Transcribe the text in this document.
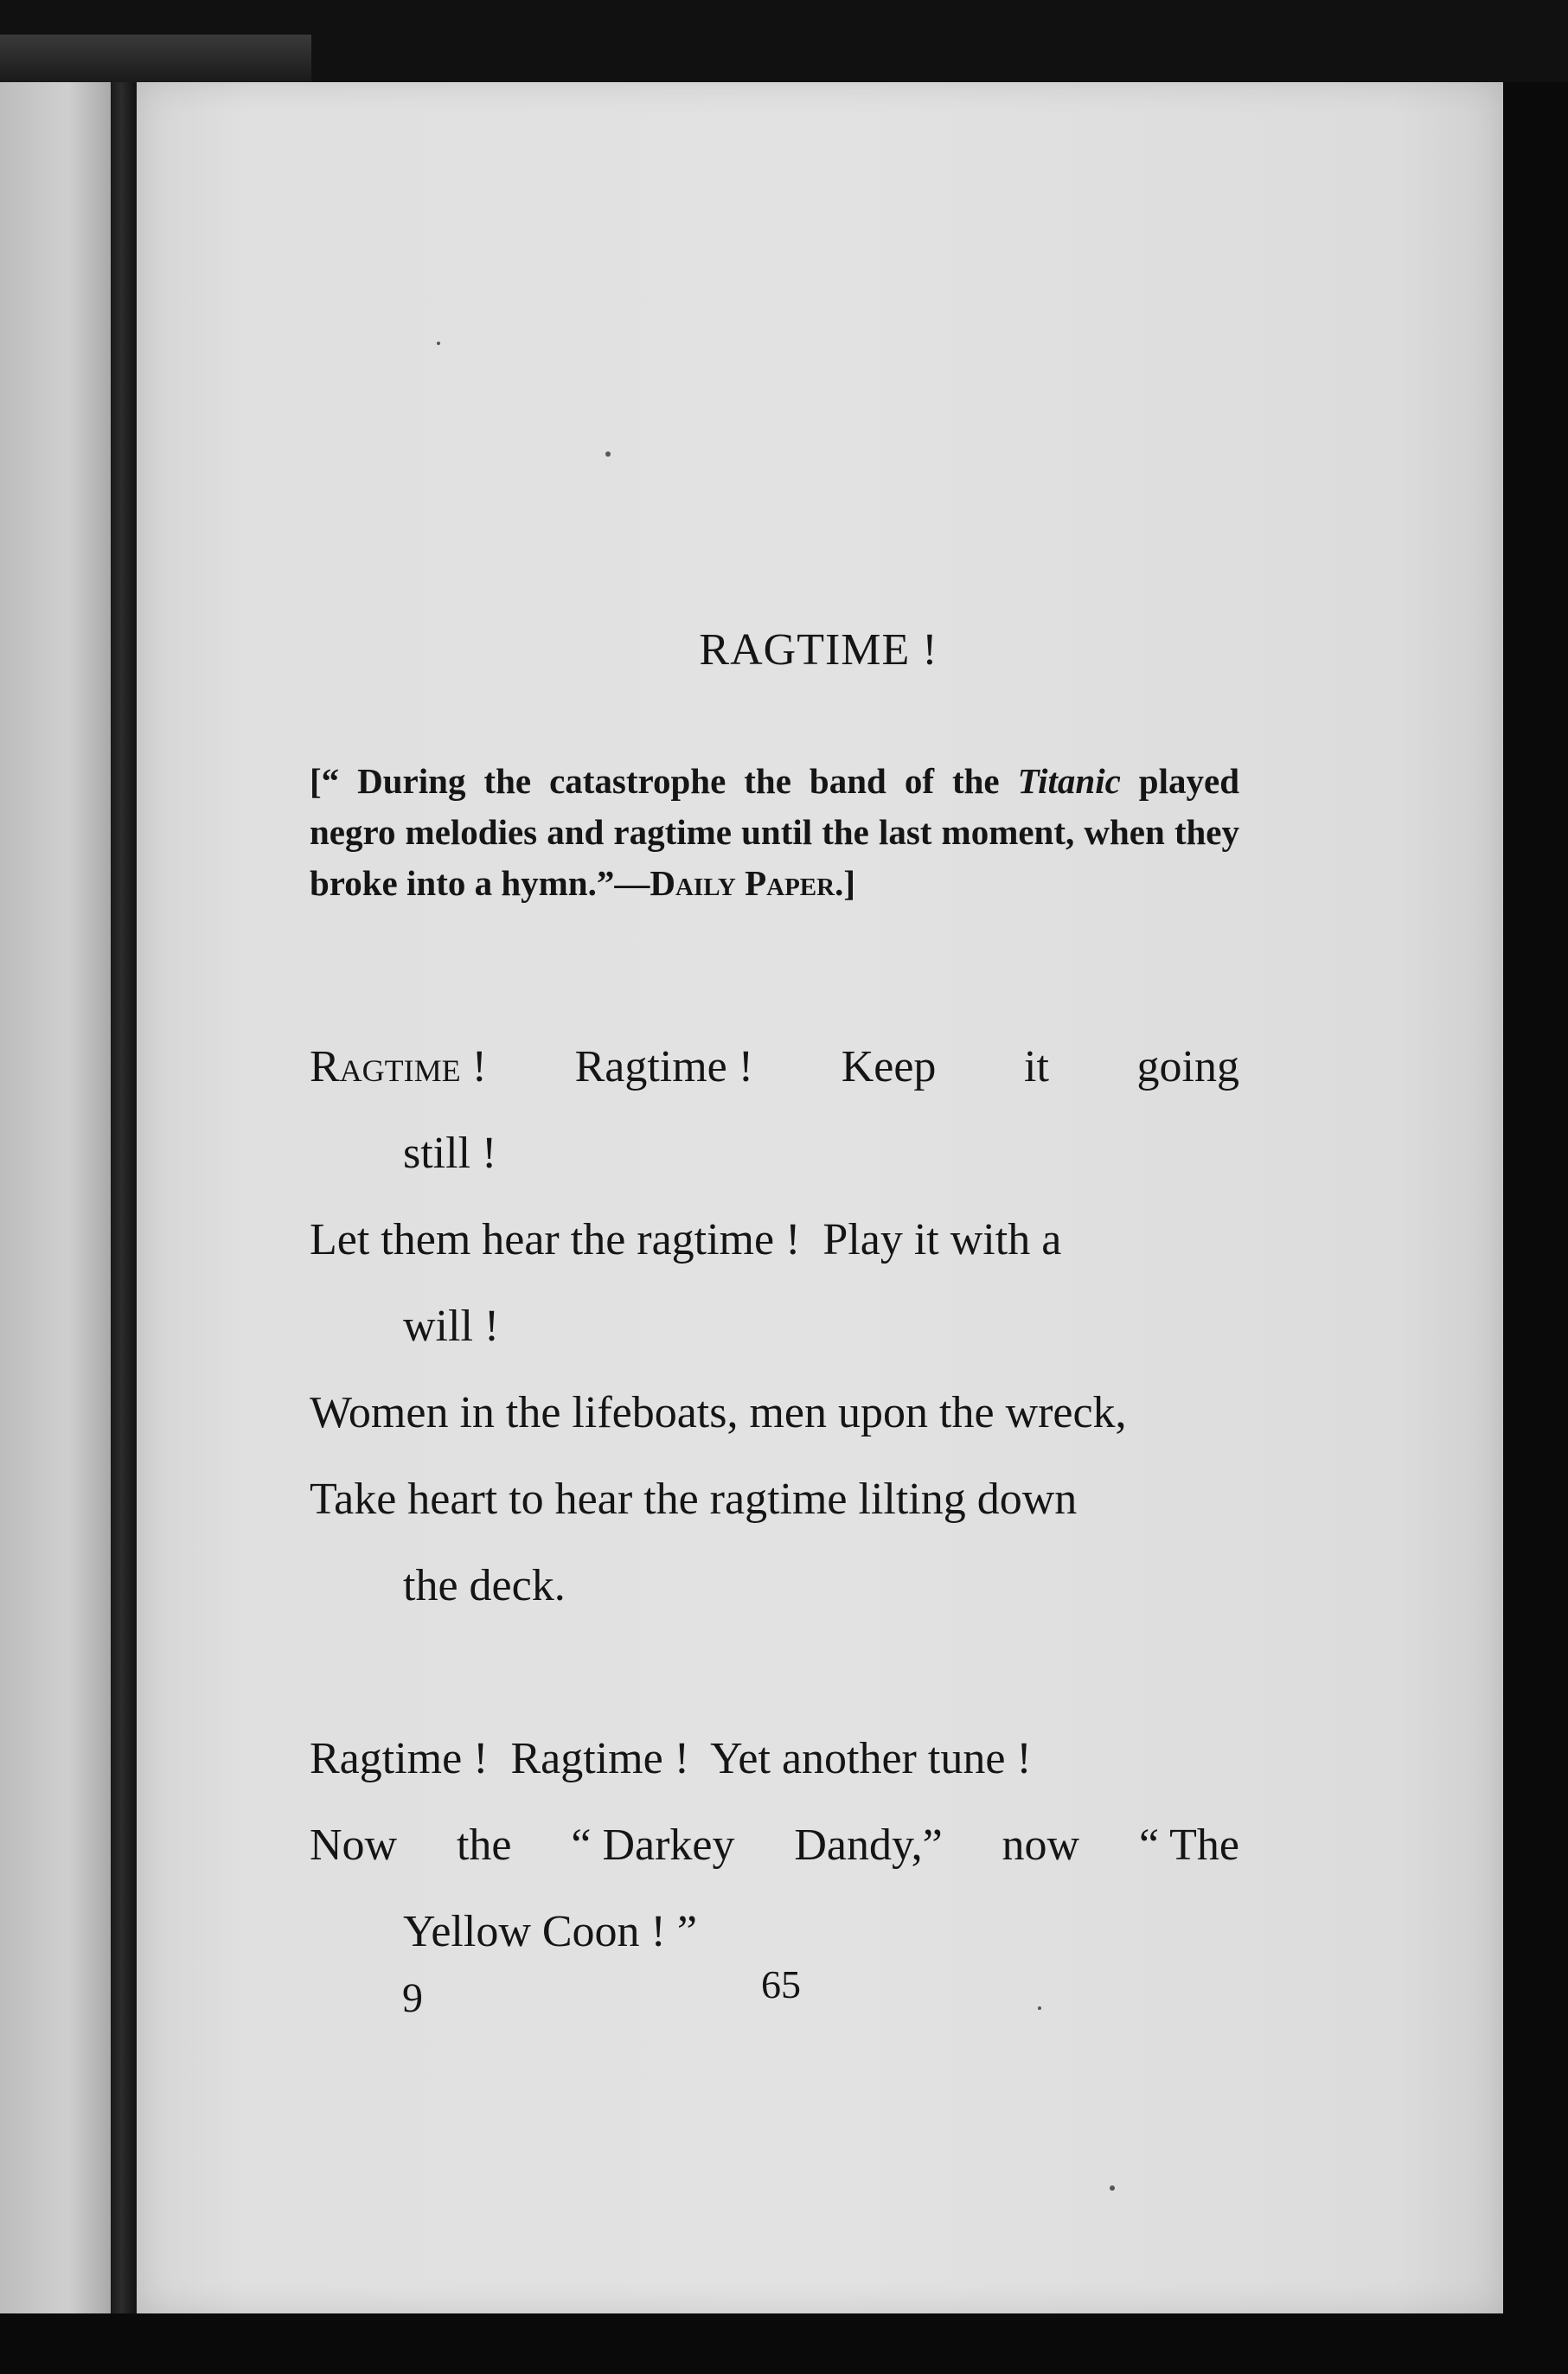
RAGTIME !
[“ During the catastrophe the band of the Titanic played negro melodies and ragtime until the last moment, when they broke into a hymn.”—Daily Paper.]
Ragtime ! Ragtime ! Keep it going
still !
Let them hear the ragtime !  Play it with a
will !
Women in the lifeboats, men upon the wreck,
Take heart to hear the ragtime lilting down
the deck.
Ragtime !  Ragtime !  Yet another tune !
Now the “ Darkey Dandy,” now “ The
Yellow Coon ! ”
9	65
